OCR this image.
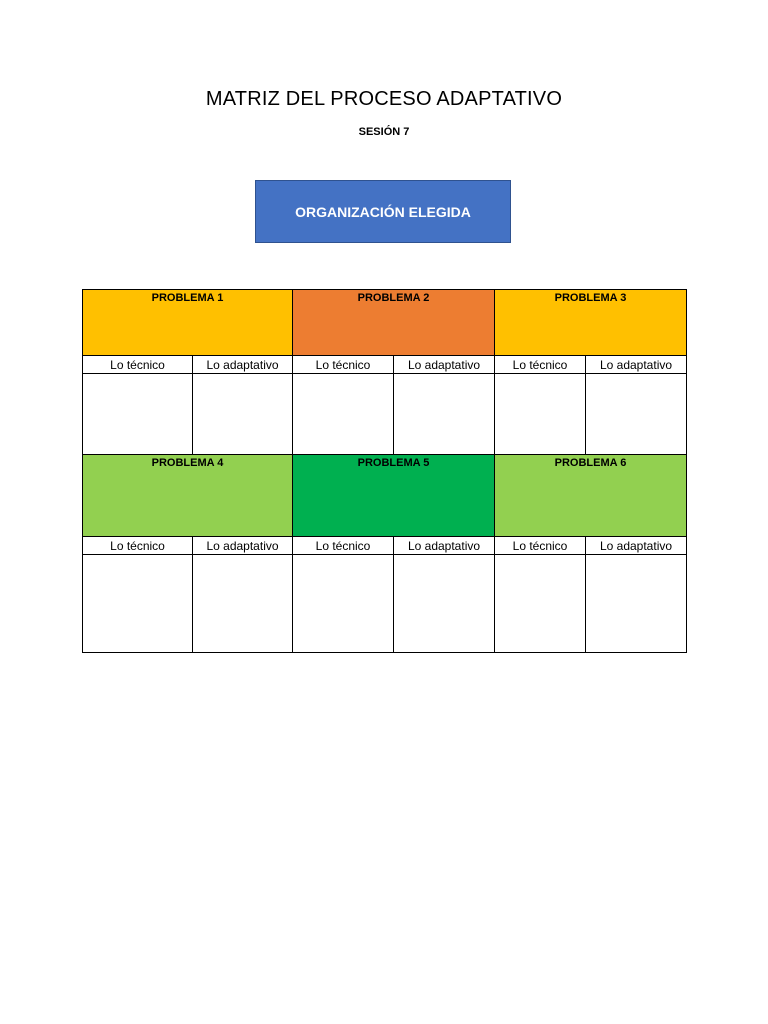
MATRIZ DEL PROCESO ADAPTATIVO
SESIÓN 7
ORGANIZACIÓN ELEGIDA
PROBLEMA 1		PROBLEMA 2		PROBLEMA 3	
Lo técnico	Lo adaptativo	Lo técnico	Lo adaptativo	Lo técnico	Lo adaptativo

PROBLEMA 4		PROBLEMA 5		PROBLEMA 6	
Lo técnico	Lo adaptativo	Lo técnico	Lo adaptativo	Lo técnico	Lo adaptativo
